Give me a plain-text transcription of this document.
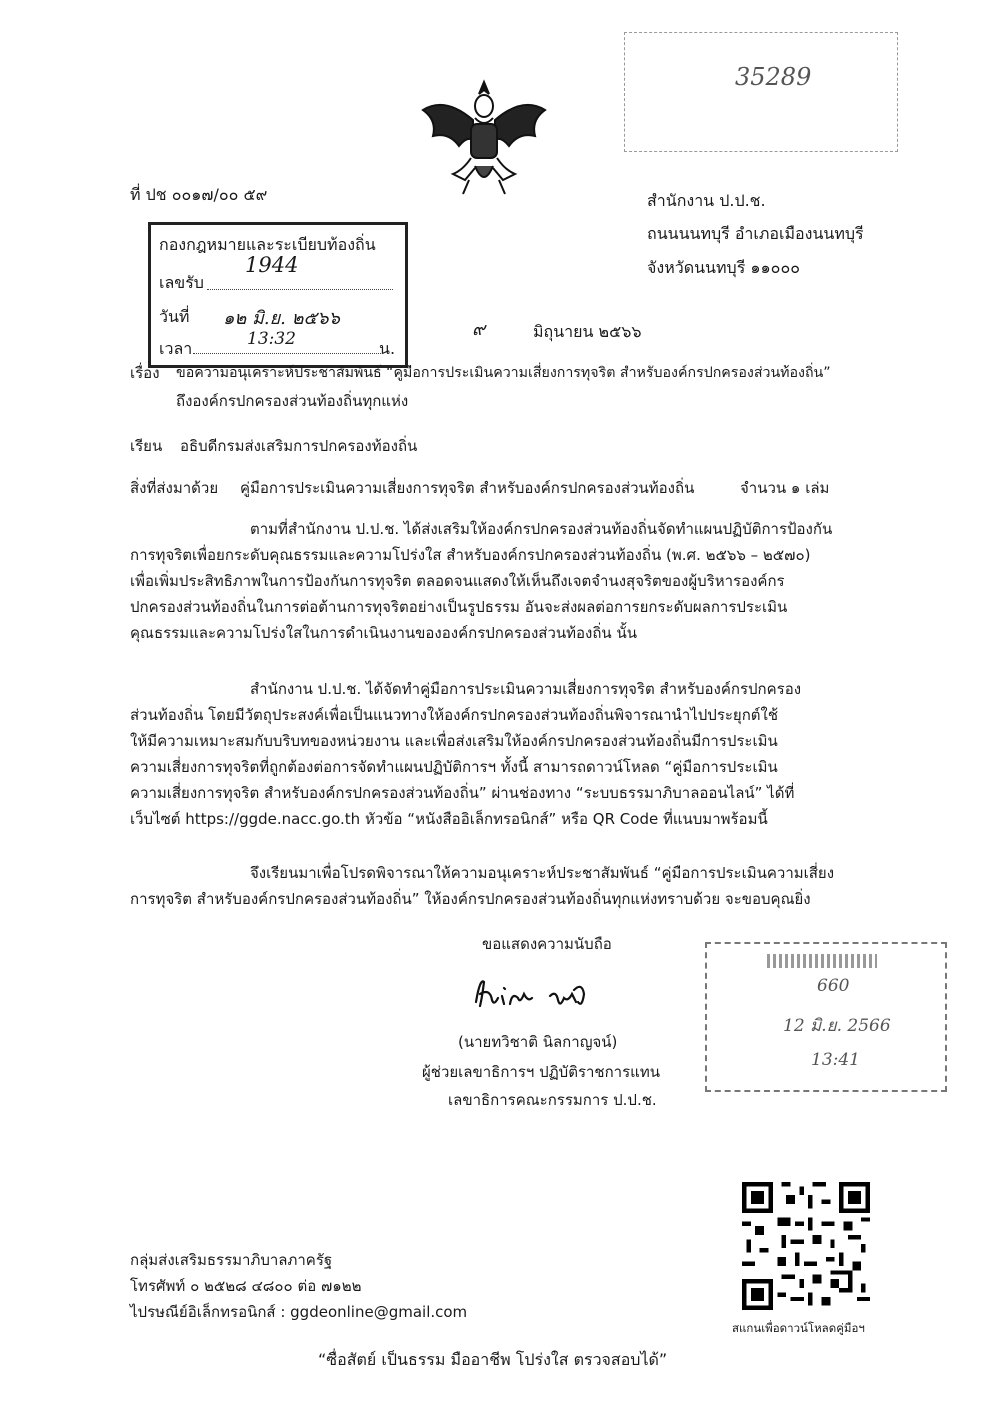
35289
ที่ ปช ๐๐๑๗/๐๐ ๕๙	สำนักงาน ป.ป.ช.
ถนนนนทบุรี อำเภอเมืองนนทบุรี
จังหวัดนนทบุรี ๑๑๐๐๐
กองกฎหมายและระเบียบท้องถิ่น
เลขรับ
1944
วันที่ ๑๒ มิ.ย. ๒๕๖๖
เวลา	13:32	น.
๙	มิถุนายน ๒๕๖๖
เรื่อง ขอความอนุเคราะห์ประชาสัมพันธ์ “คู่มือการประเมินความเสี่ยงการทุจริต สำหรับองค์กรปกครองส่วนท้องถิ่น”
ถึงองค์กรปกครองส่วนท้องถิ่นทุกแห่ง
เรียน อธิบดีกรมส่งเสริมการปกครองท้องถิ่น
สิ่งที่ส่งมาด้วย คู่มือการประเมินความเสี่ยงการทุจริต สำหรับองค์กรปกครองส่วนท้องถิ่น	จำนวน ๑ เล่ม
ตามที่สำนักงาน ป.ป.ช. ได้ส่งเสริมให้องค์กรปกครองส่วนท้องถิ่นจัดทำแผนปฏิบัติการป้องกัน
การทุจริตเพื่อยกระดับคุณธรรมและความโปร่งใส สำหรับองค์กรปกครองส่วนท้องถิ่น (พ.ศ. ๒๕๖๖ – ๒๕๗๐)
เพื่อเพิ่มประสิทธิภาพในการป้องกันการทุจริต ตลอดจนแสดงให้เห็นถึงเจตจำนงสุจริตของผู้บริหารองค์กร
ปกครองส่วนท้องถิ่นในการต่อต้านการทุจริตอย่างเป็นรูปธรรม อันจะส่งผลต่อการยกระดับผลการประเมิน
คุณธรรมและความโปร่งใสในการดำเนินงานขององค์กรปกครองส่วนท้องถิ่น นั้น
สำนักงาน ป.ป.ช. ได้จัดทำคู่มือการประเมินความเสี่ยงการทุจริต สำหรับองค์กรปกครอง
ส่วนท้องถิ่น โดยมีวัตถุประสงค์เพื่อเป็นแนวทางให้องค์กรปกครองส่วนท้องถิ่นพิจารณานำไปประยุกต์ใช้
ให้มีความเหมาะสมกับบริบทของหน่วยงาน และเพื่อส่งเสริมให้องค์กรปกครองส่วนท้องถิ่นมีการประเมิน
ความเสี่ยงการทุจริตที่ถูกต้องต่อการจัดทำแผนปฏิบัติการฯ ทั้งนี้ สามารถดาวน์โหลด “คู่มือการประเมิน
ความเสี่ยงการทุจริต สำหรับองค์กรปกครองส่วนท้องถิ่น” ผ่านช่องทาง “ระบบธรรมาภิบาลออนไลน์” ได้ที่
เว็บไซต์ https://ggde.nacc.go.th หัวข้อ “หนังสืออิเล็กทรอนิกส์” หรือ QR Code ที่แนบมาพร้อมนี้
จึงเรียนมาเพื่อโปรดพิจารณาให้ความอนุเคราะห์ประชาสัมพันธ์ “คู่มือการประเมินความเสี่ยง
การทุจริต สำหรับองค์กรปกครองส่วนท้องถิ่น” ให้องค์กรปกครองส่วนท้องถิ่นทุกแห่งทราบด้วย จะขอบคุณยิ่ง
ขอแสดงความนับถือ
(นายทวิชาติ นิลกาญจน์)
ผู้ช่วยเลขาธิการฯ ปฏิบัติราชการแทน
เลขาธิการคณะกรรมการ ป.ป.ช.
660
12 มิ.ย. 2566
13:41
กลุ่มส่งเสริมธรรมาภิบาลภาครัฐ
โทรศัพท์ ๐ ๒๕๒๘ ๔๘๐๐ ต่อ ๗๑๒๒
ไปรษณีย์อิเล็กทรอนิกส์ : ggdeonline@gmail.com
สแกนเพื่อดาวน์โหลดคู่มือฯ
“ซื่อสัตย์ เป็นธรรม มืออาชีพ โปร่งใส ตรวจสอบได้”
